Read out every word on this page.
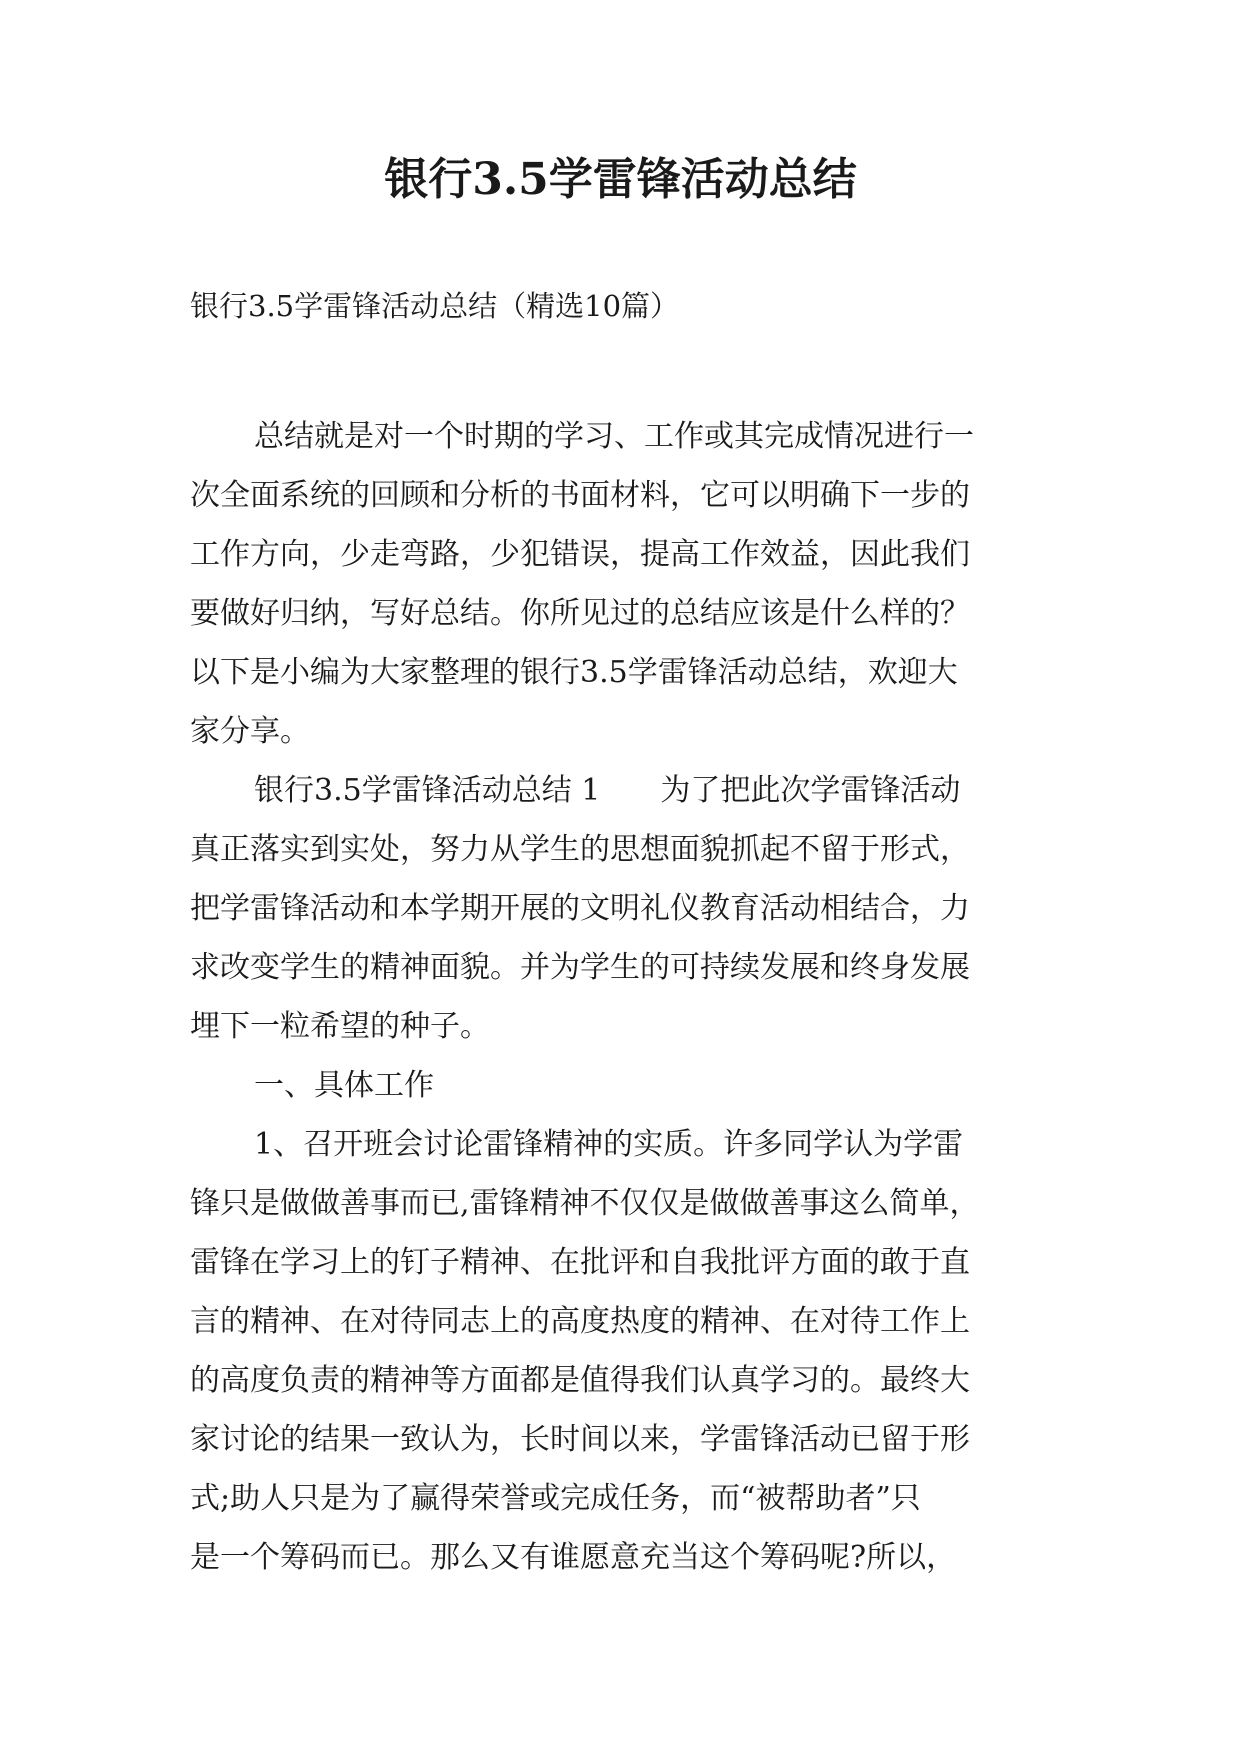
银行3.5学雷锋活动总结

银行3.5学雷锋活动总结（精选10篇）

总结就是对一个时期的学习、工作或其完成情况进行一
次全面系统的回顾和分析的书面材料，它可以明确下一步的
工作方向，少走弯路，少犯错误，提高工作效益，因此我们
要做好归纳，写好总结。你所见过的总结应该是什么样的？
以下是小编为大家整理的银行3.5学雷锋活动总结，欢迎大
家分享。
银行3.5学雷锋活动总结 1　　为了把此次学雷锋活动
真正落实到实处，努力从学生的思想面貌抓起不留于形式，
把学雷锋活动和本学期开展的文明礼仪教育活动相结合，力
求改变学生的精神面貌。并为学生的可持续发展和终身发展
埋下一粒希望的种子。
一、具体工作
1、召开班会讨论雷锋精神的实质。许多同学认为学雷
锋只是做做善事而已,雷锋精神不仅仅是做做善事这么简单，
雷锋在学习上的钉子精神、在批评和自我批评方面的敢于直
言的精神、在对待同志上的高度热度的精神、在对待工作上
的高度负责的精神等方面都是值得我们认真学习的。最终大
家讨论的结果一致认为，长时间以来，学雷锋活动已留于形
式;助人只是为了赢得荣誉或完成任务，而“被帮助者”只
是一个筹码而已。那么又有谁愿意充当这个筹码呢?所以，
